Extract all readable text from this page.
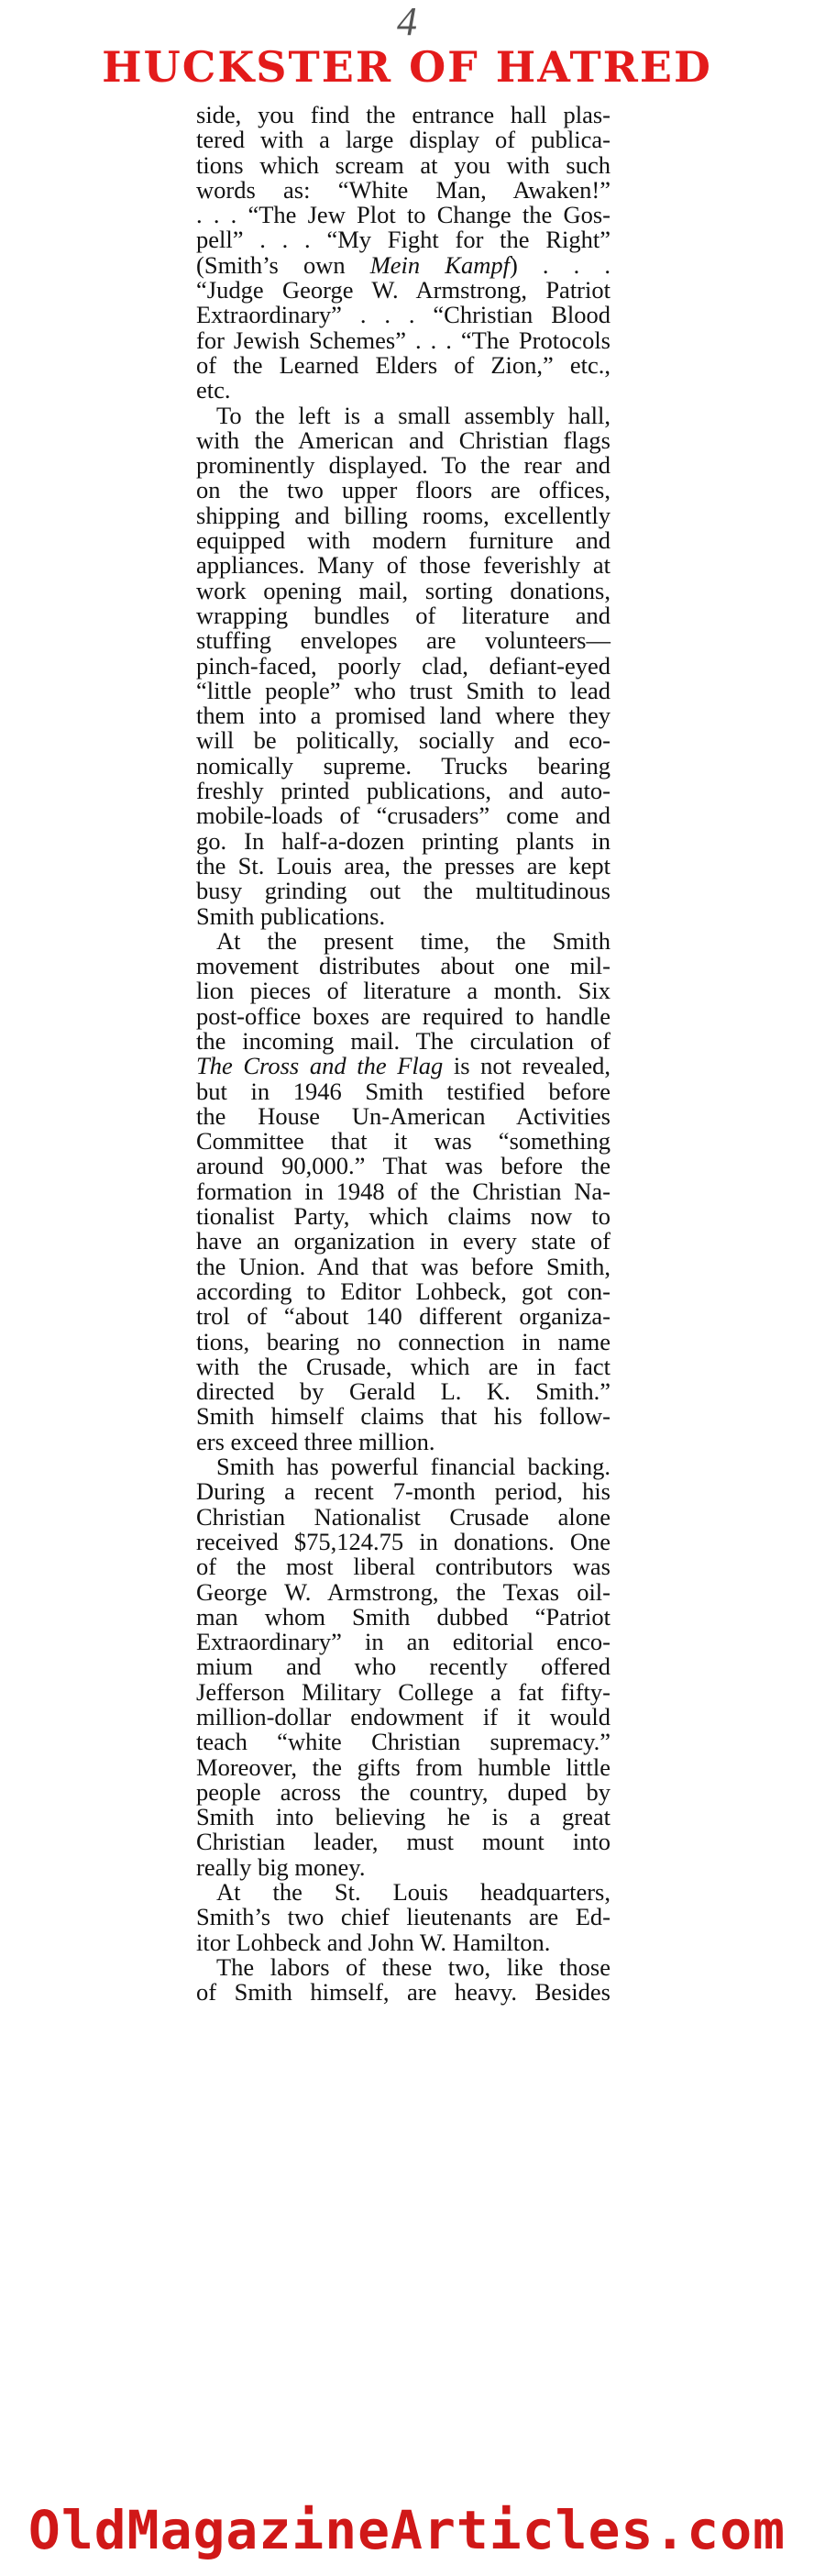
4
HUCKSTER OF HATRED
side, you find the entrance hall plas-
tered with a large display of publica-
tions which scream at you with such
words as: “White Man, Awaken!”
. . . “The Jew Plot to Change the Gos-
pell” . . . “My Fight for the Right”
(Smith’s own Mein Kampf) . . .
“Judge George W. Armstrong, Patriot
Extraordinary” . . . “Christian Blood
for Jewish Schemes” . . . “The Protocols
of the Learned Elders of Zion,” etc.,
etc.
To the left is a small assembly hall,
with the American and Christian flags
prominently displayed. To the rear and
on the two upper floors are offices,
shipping and billing rooms, excellently
equipped with modern furniture and
appliances. Many of those feverishly at
work opening mail, sorting donations,
wrapping bundles of literature and
stuffing envelopes are volunteers—
pinch-faced, poorly clad, defiant-eyed
“little people” who trust Smith to lead
them into a promised land where they
will be politically, socially and eco-
nomically supreme. Trucks bearing
freshly printed publications, and auto-
mobile-loads of “crusaders” come and
go. In half-a-dozen printing plants in
the St. Louis area, the presses are kept
busy grinding out the multitudinous
Smith publications.
At the present time, the Smith
movement distributes about one mil-
lion pieces of literature a month. Six
post-office boxes are required to handle
the incoming mail. The circulation of
The Cross and the Flag is not revealed,
but in 1946 Smith testified before
the House Un-American Activities
Committee that it was “something
around 90,000.” That was before the
formation in 1948 of the Christian Na-
tionalist Party, which claims now to
have an organization in every state of
the Union. And that was before Smith,
according to Editor Lohbeck, got con-
trol of “about 140 different organiza-
tions, bearing no connection in name
with the Crusade, which are in fact
directed by Gerald L. K. Smith.”
Smith himself claims that his follow-
ers exceed three million.
Smith has powerful financial backing.
During a recent 7-month period, his
Christian Nationalist Crusade alone
received $75,124.75 in donations. One
of the most liberal contributors was
George W. Armstrong, the Texas oil-
man whom Smith dubbed “Patriot
Extraordinary” in an editorial enco-
mium and who recently offered
Jefferson Military College a fat fifty-
million-dollar endowment if it would
teach “white Christian supremacy.”
Moreover, the gifts from humble little
people across the country, duped by
Smith into believing he is a great
Christian leader, must mount into
really big money.
At the St. Louis headquarters,
Smith’s two chief lieutenants are Ed-
itor Lohbeck and John W. Hamilton.
The labors of these two, like those
of Smith himself, are heavy. Besides
OldMagazineArticles.com
